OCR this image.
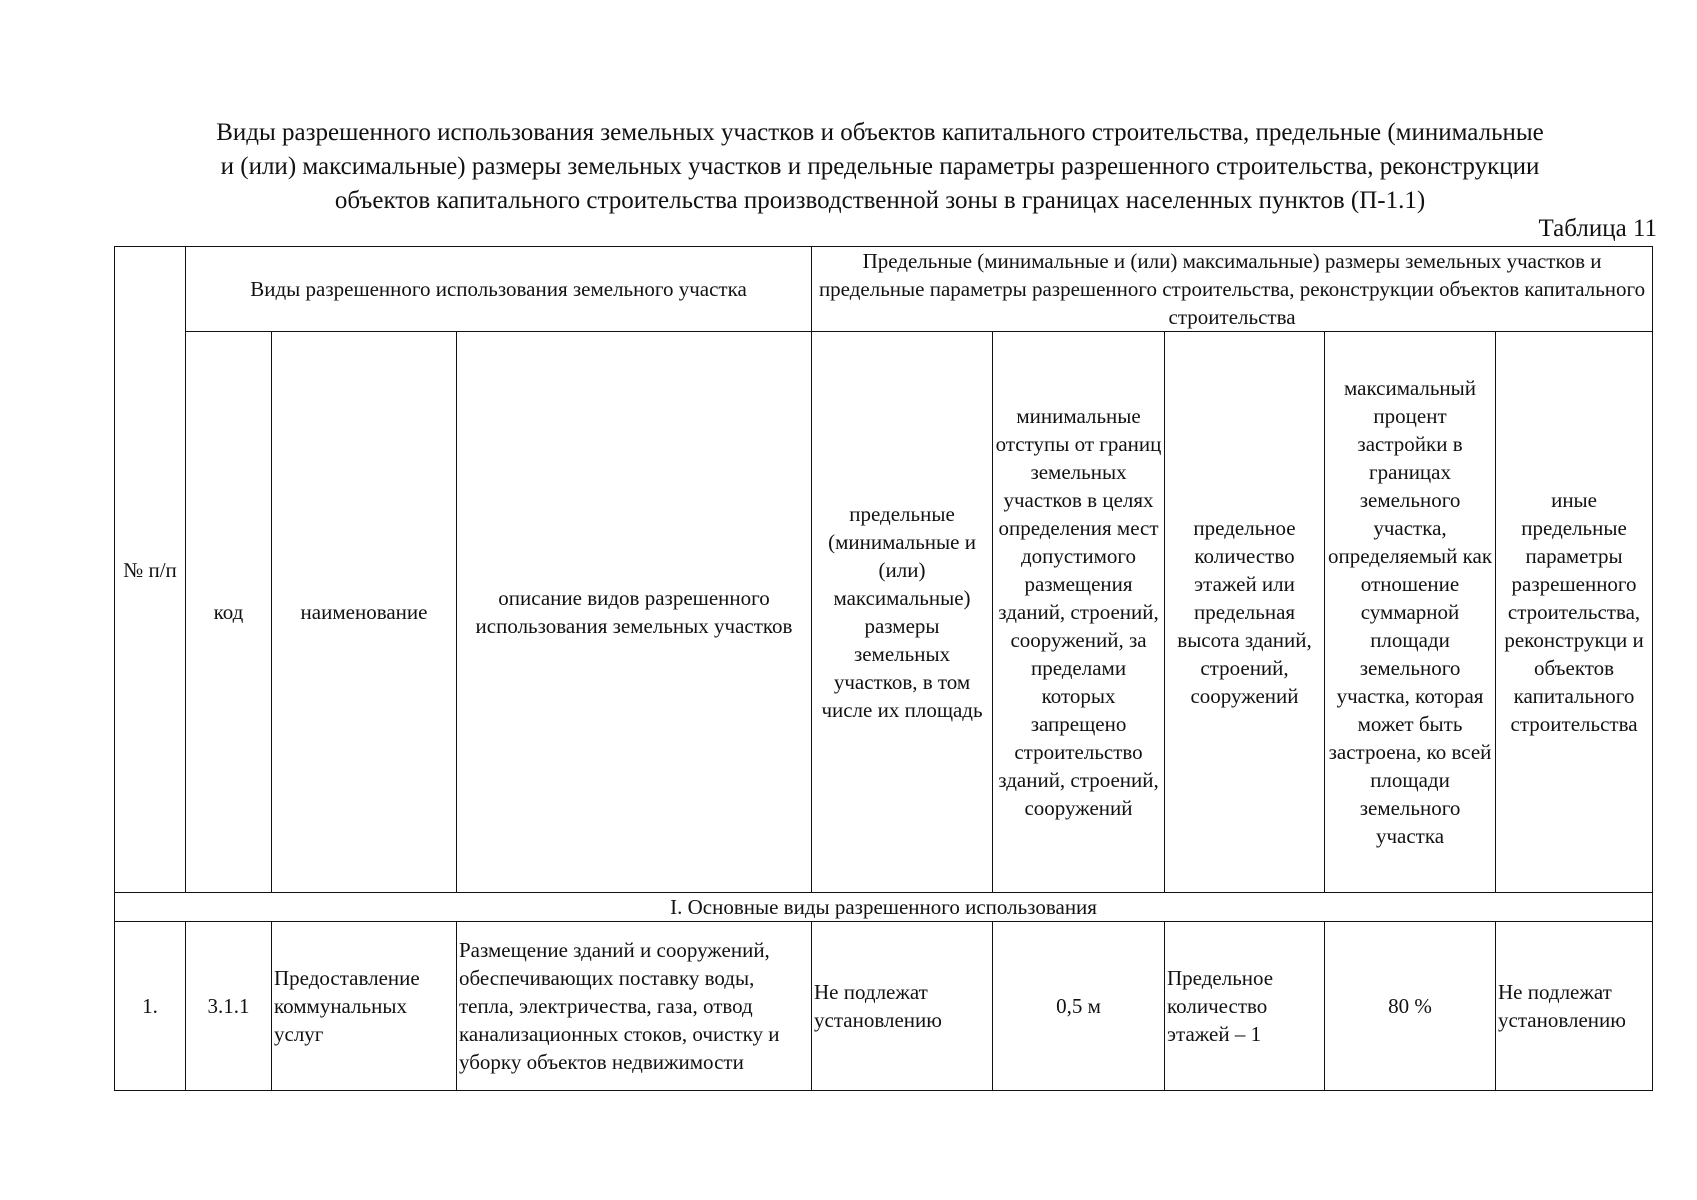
Виды разрешенного использования земельных участков и объектов капитального строительства, предельные (минимальные
и (или) максимальные) размеры земельных участков и предельные параметры разрешенного строительства, реконструкции
объектов капитального строительства производственной зоны в границах населенных пунктов (П-1.1)
Таблица 11
№ п/п	Виды разрешенного использования земельного участка			Предельные (минимальные и (или) максимальные) размеры земельных участков и предельные параметры разрешенного строительства, реконструкции объектов капитального строительства				
	код	наименование	описание видов разрешенного использования земельных участков	предельные (минимальные и (или) максимальные) размеры земельных участков, в том числе их площадь	минимальные отступы от границ земельных участков в целях определения мест допустимого размещения зданий, строений, сооружений, за пределами которых запрещено строительство зданий, строений, сооружений	предельное количество этажей или предельная высота зданий, строений, сооружений	максимальный процент застройки в границах земельного участка, определяемый как отношение суммарной площади земельного участка, которая может быть застроена, ко всей площади земельного участка	иные предельные параметры разрешенного строительства, реконструкци и объектов капитального строительства
I. Основные виды разрешенного использования								
1.	3.1.1	Предоставление коммунальных услуг	Размещение зданий и сооружений, обеспечивающих поставку воды, тепла, электричества, газа, отвод канализационных стоков, очистку и уборку объектов недвижимости	Не подлежат установлению	0,5 м	Предельное количество этажей – 1	80 %	Не подлежат установлению
